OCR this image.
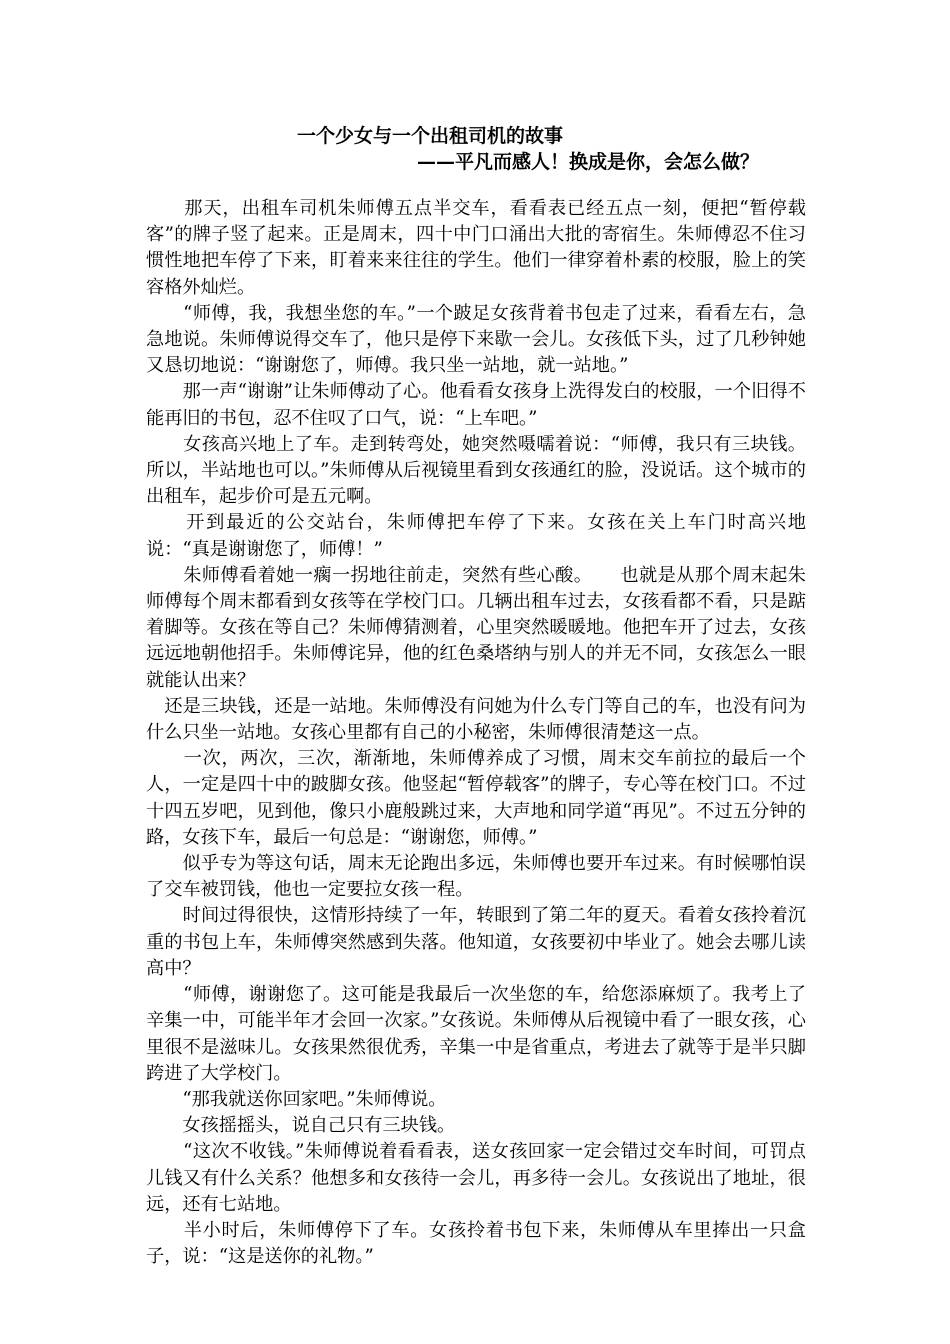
一个少女与一个出租司机的故事
——平凡而感人！换成是你，会怎么做？

　　那天，出租车司机朱师傅五点半交车，看看表已经五点一刻，便把“暂停载客”的牌子竖了起来。正是周末，四十中门口涌出大批的寄宿生。朱师傅忍不住习惯性地把车停了下来，盯着来来往往的学生。他们一律穿着朴素的校服，脸上的笑容格外灿烂。

　　“师傅，我，我想坐您的车。”一个跛足女孩背着书包走了过来，看看左右，急急地说。朱师傅说得交车了，他只是停下来歇一会儿。女孩低下头，过了几秒钟她又恳切地说：“谢谢您了，师傅。我只坐一站地，就一站地。”

　　那一声“谢谢”让朱师傅动了心。他看看女孩身上洗得发白的校服，一个旧得不能再旧的书包，忍不住叹了口气，说：“上车吧。”

　　女孩高兴地上了车。走到转弯处，她突然嗫嚅着说：“师傅，我只有三块钱。所以，半站地也可以。”朱师傅从后视镜里看到女孩通红的脸，没说话。这个城市的出租车，起步价可是五元啊。

　　开到最近的公交站台，朱师傅把车停了下来。女孩在关上车门时高兴地说：“真是谢谢您了，师傅！”

　　朱师傅看着她一瘸一拐地往前走，突然有些心酸。　　也就是从那个周末起朱师傅每个周末都看到女孩等在学校门口。几辆出租车过去，女孩看都不看，只是踮着脚等。女孩在等自己？朱师傅猜测着，心里突然暖暖地。他把车开了过去，女孩远远地朝他招手。朱师傅诧异，他的红色桑塔纳与别人的并无不同，女孩怎么一眼就能认出来？

　还是三块钱，还是一站地。朱师傅没有问她为什么专门等自己的车，也没有问为什么只坐一站地。女孩心里都有自己的小秘密，朱师傅很清楚这一点。

　　一次，两次，三次，渐渐地，朱师傅养成了习惯，周末交车前拉的最后一个人，一定是四十中的跛脚女孩。他竖起“暂停载客”的牌子，专心等在校门口。不过十四五岁吧，见到他，像只小鹿般跳过来，大声地和同学道“再见”。不过五分钟的路，女孩下车，最后一句总是：“谢谢您，师傅。”

　　似乎专为等这句话，周末无论跑出多远，朱师傅也要开车过来。有时候哪怕误了交车被罚钱，他也一定要拉女孩一程。

　　时间过得很快，这情形持续了一年，转眼到了第二年的夏天。看着女孩拎着沉重的书包上车，朱师傅突然感到失落。他知道，女孩要初中毕业了。她会去哪儿读高中？

　　“师傅，谢谢您了。这可能是我最后一次坐您的车，给您添麻烦了。我考上了辛集一中，可能半年才会回一次家。”女孩说。朱师傅从后视镜中看了一眼女孩，心里很不是滋味儿。女孩果然很优秀，辛集一中是省重点，考进去了就等于是半只脚跨进了大学校门。

　　“那我就送你回家吧。”朱师傅说。

　　女孩摇摇头，说自己只有三块钱。

　　“这次不收钱。”朱师傅说着看看表，送女孩回家一定会错过交车时间，可罚点儿钱又有什么关系？他想多和女孩待一会儿，再多待一会儿。女孩说出了地址，很远，还有七站地。

　　半小时后，朱师傅停下了车。女孩拎着书包下来，朱师傅从车里捧出一只盒子，说：“这是送你的礼物。”
